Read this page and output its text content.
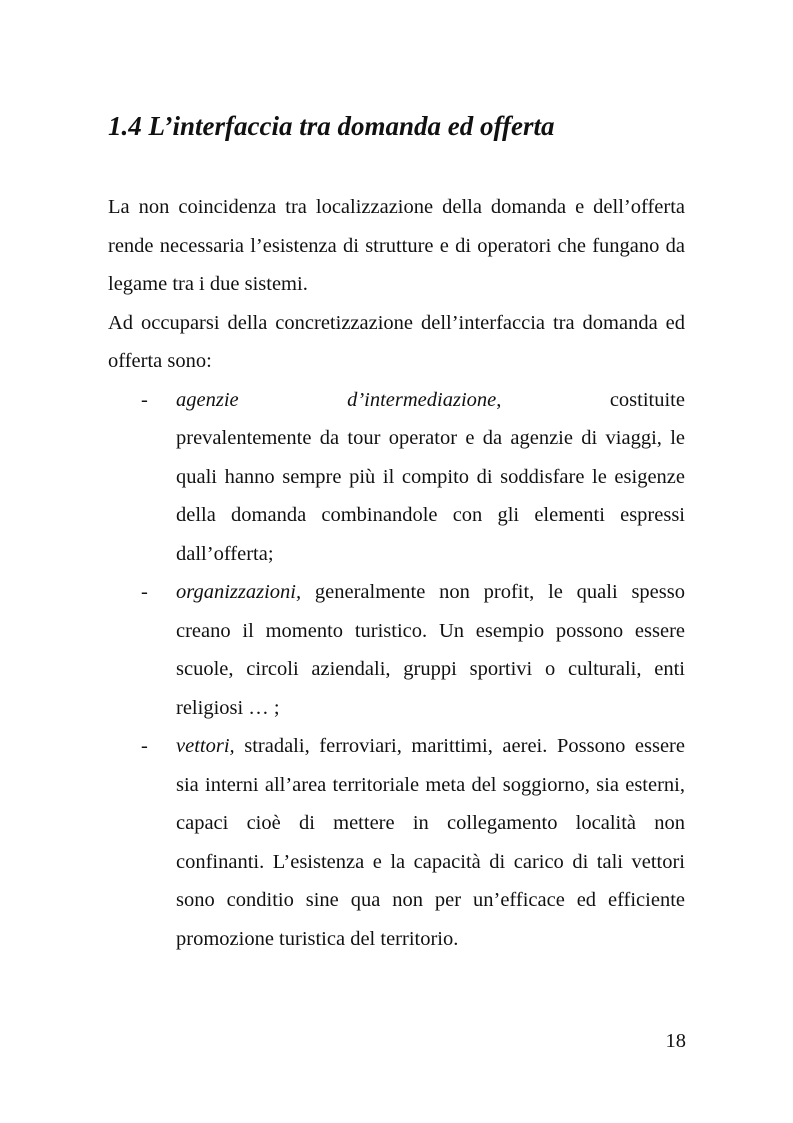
1.4 L’interfaccia tra domanda ed offerta

La non coincidenza tra localizzazione della domanda e dell’offerta rende necessaria l’esistenza di strutture e di operatori che fungano da legame tra i due sistemi.

Ad occuparsi della concretizzazione dell’interfaccia tra domanda ed offerta sono:

- agenzie	d’intermediazione,	costituite
prevalentemente da tour operator e da agenzie di viaggi, le quali hanno sempre più il compito di soddisfare le esigenze della domanda combinandole con gli elementi espressi dall’offerta;
- organizzazioni, generalmente non profit, le quali spesso creano il momento turistico. Un esempio possono essere scuole, circoli aziendali, gruppi sportivi o culturali, enti religiosi … ;
- vettori, stradali, ferroviari, marittimi, aerei. Possono essere sia interni all’area territoriale meta del soggiorno, sia esterni, capaci cioè di mettere in collegamento località non confinanti. L’esistenza e la capacità di carico di tali vettori sono conditio sine qua non per un’efficace ed efficiente promozione turistica del territorio.
18
